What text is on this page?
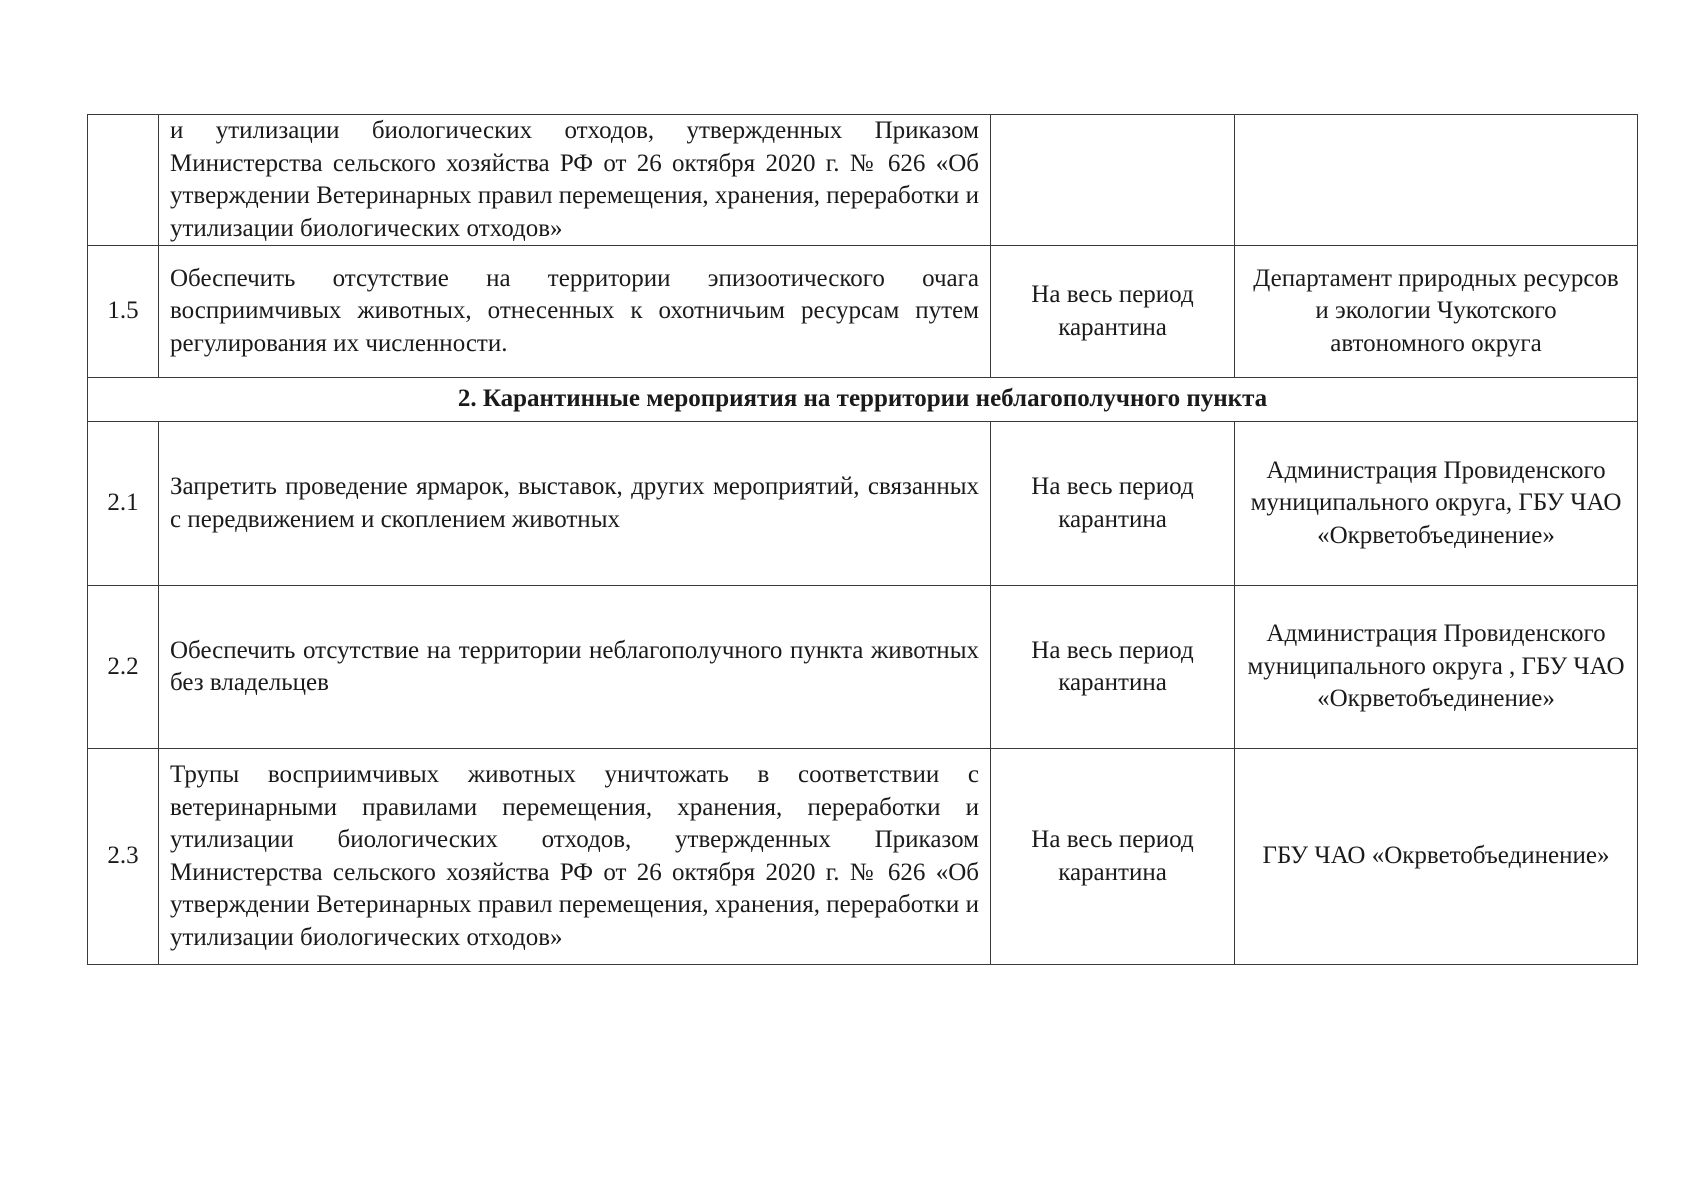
	и утилизации биологических отходов, утвержденных Приказом Министерства сельского хозяйства РФ от 26 октября 2020 г. № 626 «Об утверждении Ветеринарных правил перемещения, хранения, переработки и утилизации биологических отходов»		
1.5	Обеспечить отсутствие на территории эпизоотического очага восприимчивых животных, отнесенных к охотничьим ресурсам путем регулирования их численности.	На весь период карантина	Департамент природных ресурсов и экологии Чукотского автономного округа
2. Карантинные мероприятия на территории неблагополучного пункта			
2.1	Запретить проведение ярмарок, выставок, других мероприятий, связанных с передвижением и скоплением животных	На весь период карантина	Администрация Провиденского муниципального округа, ГБУ ЧАО «Окрветобъединение»
2.2	Обеспечить отсутствие на территории неблагополучного пункта животных без владельцев	На весь период карантина	Администрация Провиденского муниципального округа , ГБУ ЧАО «Окрветобъединение»
2.3	Трупы восприимчивых животных уничтожать в соответствии с ветеринарными правилами перемещения, хранения, переработки и утилизации биологических отходов, утвержденных Приказом Министерства сельского хозяйства РФ от 26 октября 2020 г. № 626 «Об утверждении Ветеринарных правил перемещения, хранения, переработки и утилизации биологических отходов»	На весь период карантина	ГБУ ЧАО «Окрветобъединение»
